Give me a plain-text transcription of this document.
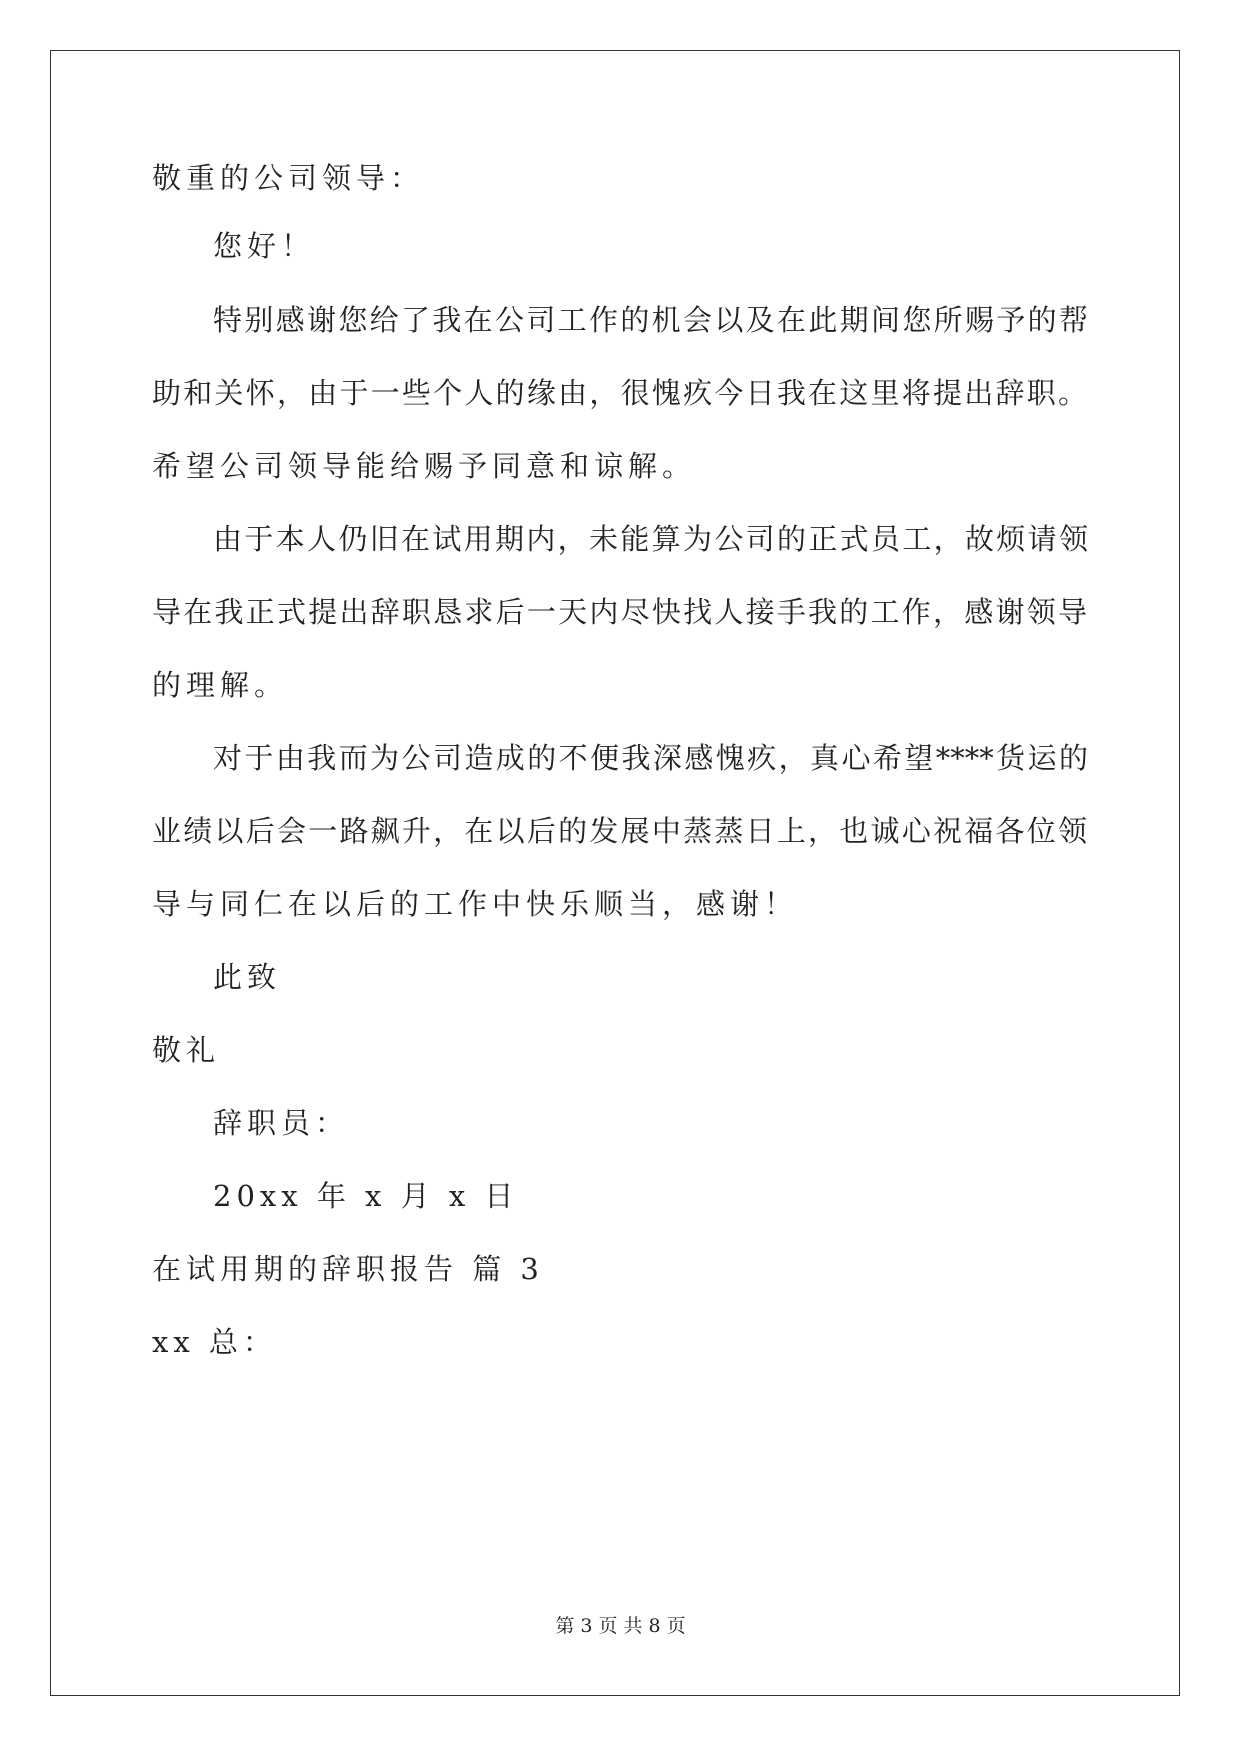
敬重的公司领导：
您好！
特别感谢您给了我在公司工作的机会以及在此期间您所赐予的帮
助和关怀，由于一些个人的缘由，很愧疚今日我在这里将提出辞职。
希望公司领导能给赐予同意和谅解。
由于本人仍旧在试用期内，未能算为公司的正式员工，故烦请领
导在我正式提出辞职恳求后一天内尽快找人接手我的工作，感谢领导
的理解。
对于由我而为公司造成的不便我深感愧疚，真心希望****货运的
业绩以后会一路飙升，在以后的发展中蒸蒸日上，也诚心祝福各位领
导与同仁在以后的工作中快乐顺当，感谢！
此致
敬礼
辞职员：
20xx 年 x 月 x 日
在试用期的辞职报告 篇 3
xx 总：
第 3 页 共 8 页
